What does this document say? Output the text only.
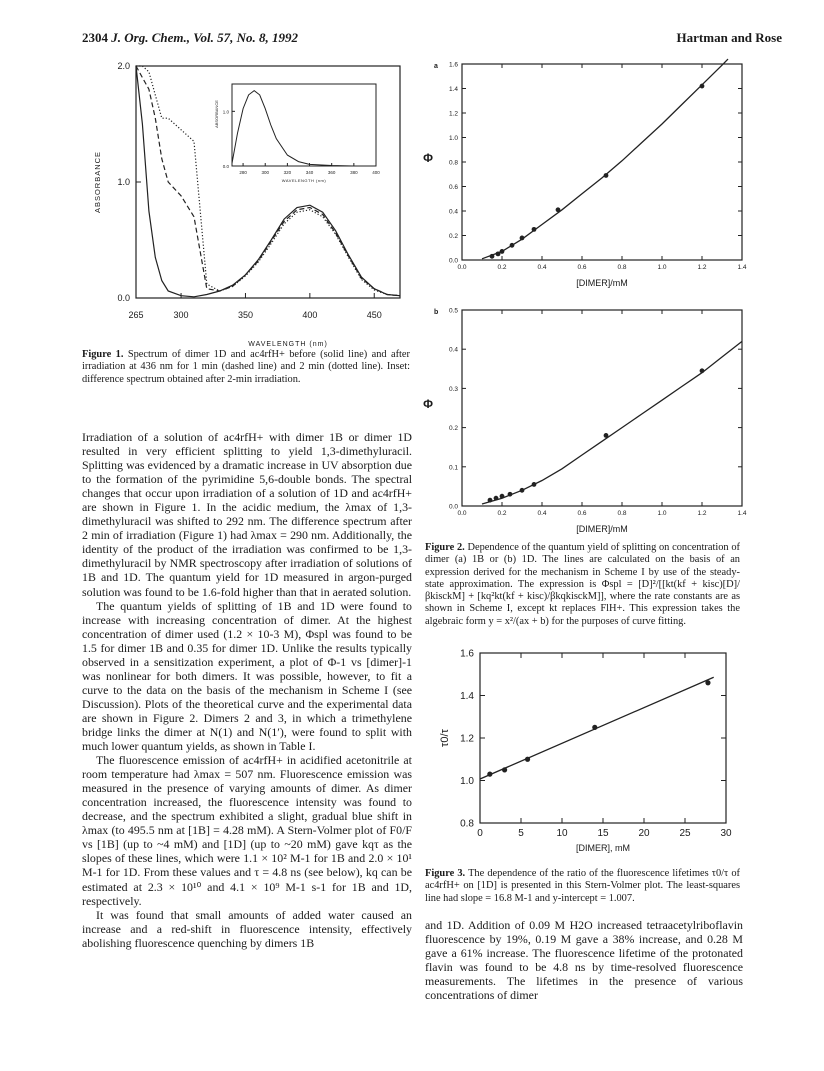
2304 J. Org. Chem., Vol. 57, No. 8, 1992	Hartman and Rose
0.0
1.0
2.0
265	300	350	400	450
WAVELENGTH (nm)
ABSORBANCE	0.0
1.0
280	300	320	340	360	380	400
WAVELENGTH (nm)
ABSORBANCE
Figure 1. Spectrum of dimer 1D and ac4rfH+ before (solid line) and after irradiation at 436 nm for 1 min (dashed line) and 2 min (dotted line). Inset: difference spectrum obtained after 2-min irradiation.

Irradiation of a solution of ac4rfH+ with dimer 1B or dimer 1D resulted in very efficient splitting to yield 1,3-dimethyluracil. Splitting was evidenced by a dramatic increase in UV absorption due to the formation of the pyrimidine 5,6-double bonds. The spectral changes that occur upon irradiation of a solution of 1D and ac4rfH+ are shown in Figure 1. In the acidic medium, the λmax of 1,3-dimethyluracil was shifted to 292 nm. The difference spectrum after 2 min of irradiation (Figure 1) had λmax = 290 nm. Additionally, the identity of the product of the irradiation was confirmed to be 1,3-dimethyluracil by NMR spectroscopy after irradiation of solutions of 1B and 1D. The quantum yield for 1D measured in argon-purged solution was found to be 1.6-fold higher than that in aerated solution.

The quantum yields of splitting of 1B and 1D were found to increase with increasing concentration of dimer. At the highest concentration of dimer used (1.2 × 10-3 M), Φspl was found to be 1.5 for dimer 1B and 0.35 for dimer 1D. Unlike the results typically observed in a sensitization experiment, a plot of Φ-1 vs [dimer]-1 was nonlinear for both dimers. It was possible, however, to fit a curve to the data on the basis of the mechanism in Scheme I (see Discussion). Plots of the theoretical curve and the experimental data are shown in Figure 2. Dimers 2 and 3, in which a trimethylene bridge links the dimer at N(1) and N(1′), were found to split with much lower quantum yields, as shown in Table I.

The fluorescence emission of ac4rfH+ in acidified acetonitrile at room temperature had λmax = 507 nm. Fluorescence emission was measured in the presence of varying amounts of dimer. As dimer concentration increased, the fluorescence intensity was found to decrease, and the spectrum exhibited a slight, gradual blue shift in λmax (to 495.5 nm at [1B] = 4.28 mM). A Stern-Volmer plot of F0/F vs [1B] (up to ~4 mM) and [1D] (up to ~20 mM) gave kqτ as the slopes of these lines, which were 1.1 × 10² M-1 for 1B and 2.0 × 10¹ M-1 for 1D. From these values and τ = 4.8 ns (see below), kq can be estimated at 2.3 × 10¹⁰ and 4.1 × 10⁹ M-1 s-1 for 1B and 1D, respectively.

It was found that small amounts of added water caused an increase and a red-shift in fluorescence intensity, effectively abolishing fluorescence quenching by dimers 1B

a
0.0
0.2
0.4
0.6
0.8
1.0
1.2
1.4
1.6
0.0	0.2	0.4	0.6	0.8	1.0	1.2	1.4
[DIMER]/mM
Φ
b
0.0
0.1
0.2
0.3
0.4
0.5
0.0	0.2	0.4	0.6	0.8	1.0	1.2	1.4
[DIMER]/mM
Φ
Figure 2. Dependence of the quantum yield of splitting on concentration of dimer (a) 1B or (b) 1D. The lines are calculated on the basis of an expression derived for the mechanism in Scheme I by use of the steady-state approximation. The expression is Φspl = [D]²/[[kt(kf + kisc)[D]/βkisckM] + [kq²kt(kf + kisc)/βkqkisckM]], where the rate constants are as shown in Scheme I, except kt replaces FlH+. This expression takes the algebraic form y = x²/(ax + b) for the purposes of curve fitting.
0.8
1.0
1.2
1.4
1.6
0	5	10	15	20	25	30
[DIMER], mM
τ0/τ
Figure 3. The dependence of the ratio of the fluorescence lifetimes τ0/τ of ac4rfH+ on [1D] is presented in this Stern-Volmer plot. The least-squares line had slope = 16.8 M-1 and y-intercept = 1.007.

and 1D. Addition of 0.09 M H2O increased tetraacetylriboflavin fluorescence by 19%, 0.19 M gave a 38% increase, and 0.28 M gave a 61% increase. The fluorescence lifetime of the protonated flavin was found to be 4.8 ns by time-resolved fluorescence measurements. The lifetimes in the presence of various concentrations of dimer
